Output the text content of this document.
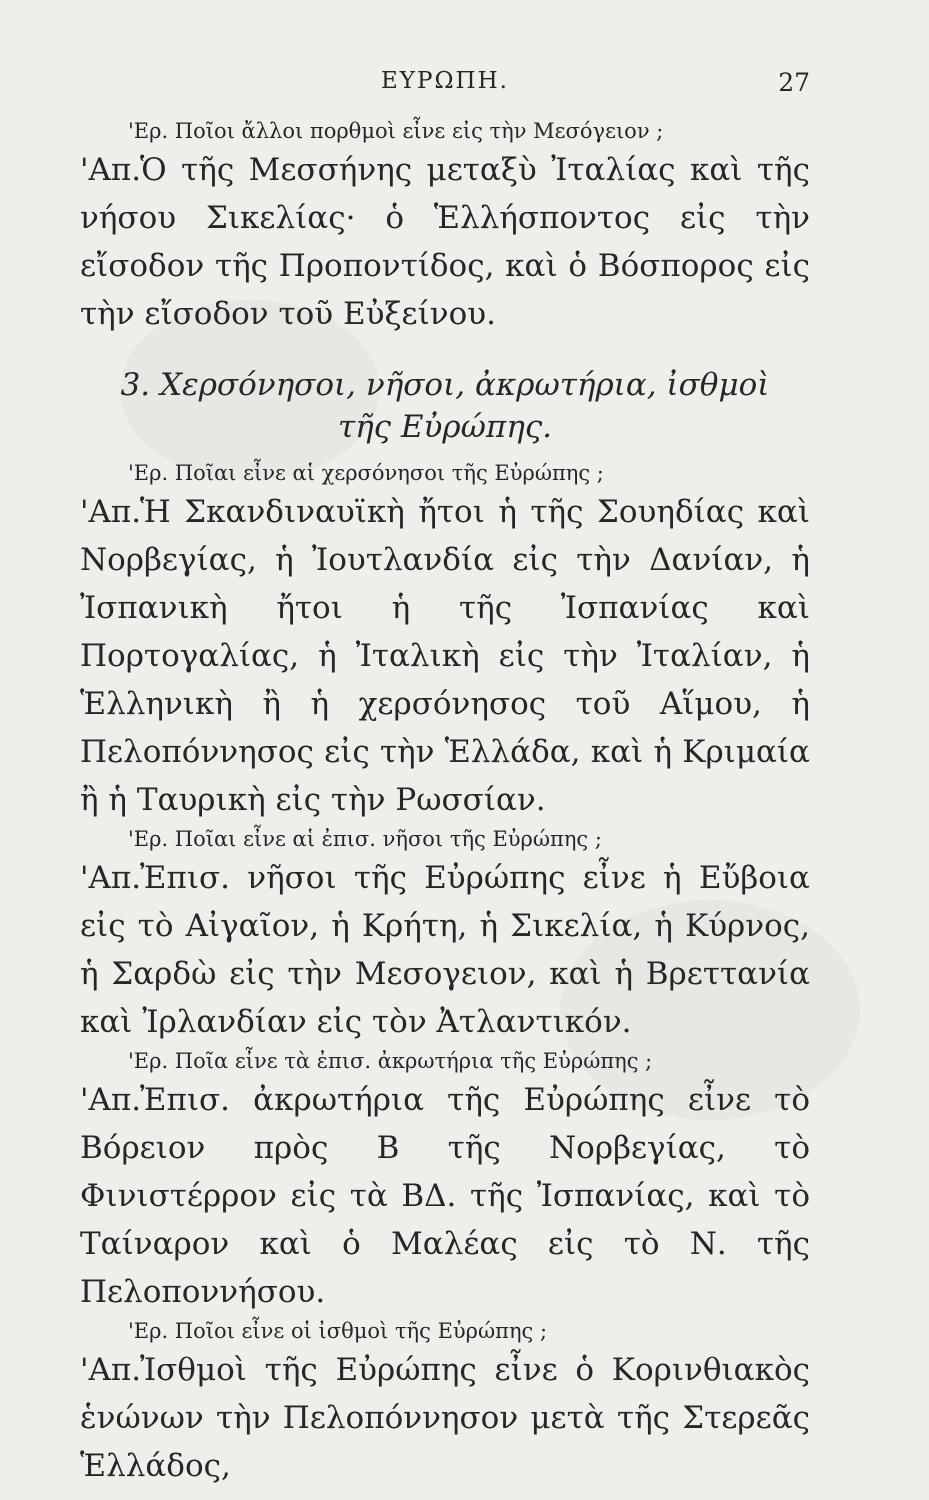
ΕΥΡΩΠΗ.	27

'Ερ. Ποῖοι ἄλλοι πορθμοὶ εἶνε εἰς τὴν Μεσόγειον ;

'Απ.Ὁ τῆς Μεσσήνης μεταξὺ Ἰταλίας καὶ τῆς νήσου Σικελίας· ὁ Ἑλλήσποντος εἰς τὴν εἴσοδον τῆς Προποντίδος, καὶ ὁ Βόσπορος εἰς τὴν εἴσοδον τοῦ Εὐξείνου.

3. Χερσόνησοι, νῆσοι, ἀκρωτήρια, ἰσθμοὶ
τῆς Εὐρώπης.

'Ερ. Ποῖαι εἶνε αἱ χερσόνησοι τῆς Εὐρώπης ;

'Απ.Ἡ Σκανδιναυϊκὴ ἤτοι ἡ τῆς Σουηδίας καὶ Νορβεγίας, ἡ Ἰουτλανδία εἰς τὴν Δανίαν, ἡ Ἰσπανικὴ ἤτοι ἡ τῆς Ἰσπανίας καὶ Πορτογαλίας, ἡ Ἰταλικὴ εἰς τὴν Ἰταλίαν, ἡ Ἑλληνικὴ ἢ ἡ χερσόνησος τοῦ Αἵμου, ἡ Πελοπόννησος εἰς τὴν Ἑλλάδα, καὶ ἡ Κριμαία ἢ ἡ Ταυρικὴ εἰς τὴν Ρωσσίαν.

'Ερ. Ποῖαι εἶνε αἱ ἐπισ. νῆσοι τῆς Εὐρώπης ;

'Απ.Ἐπισ. νῆσοι τῆς Εὐρώπης εἶνε ἡ Εὔβοια εἰς τὸ Αἰγαῖον, ἡ Κρήτη, ἡ Σικελία, ἡ Κύρνος, ἡ Σαρδὼ εἰς τὴν Μεσογειον, καὶ ἡ Βρεττανία καὶ Ἰρλανδίαν εἰς τὸν Ἀτλαντικόν.

'Ερ. Ποῖα εἶνε τὰ ἐπισ. ἀκρωτήρια τῆς Εὐρώπης ;

'Απ.Ἐπισ. ἀκρωτήρια τῆς Εὐρώπης εἶνε τὸ Βόρειον πρὸς Β τῆς Νορβεγίας, τὸ Φινιστέρρον εἰς τὰ ΒΔ. τῆς Ἰσπανίας, καὶ τὸ Ταίναρον καὶ ὁ Μαλέας εἰς τὸ Ν. τῆς Πελοποννήσου.

'Ερ. Ποῖοι εἶνε οἱ ἰσθμοὶ τῆς Εὐρώπης ;

'Απ.Ἰσθμοὶ τῆς Εὐρώπης εἶνε ὁ Κορινθιακὸς ἑνώνων τὴν Πελοπόννησον μετὰ τῆς Στερεᾶς Ἑλλάδος,
